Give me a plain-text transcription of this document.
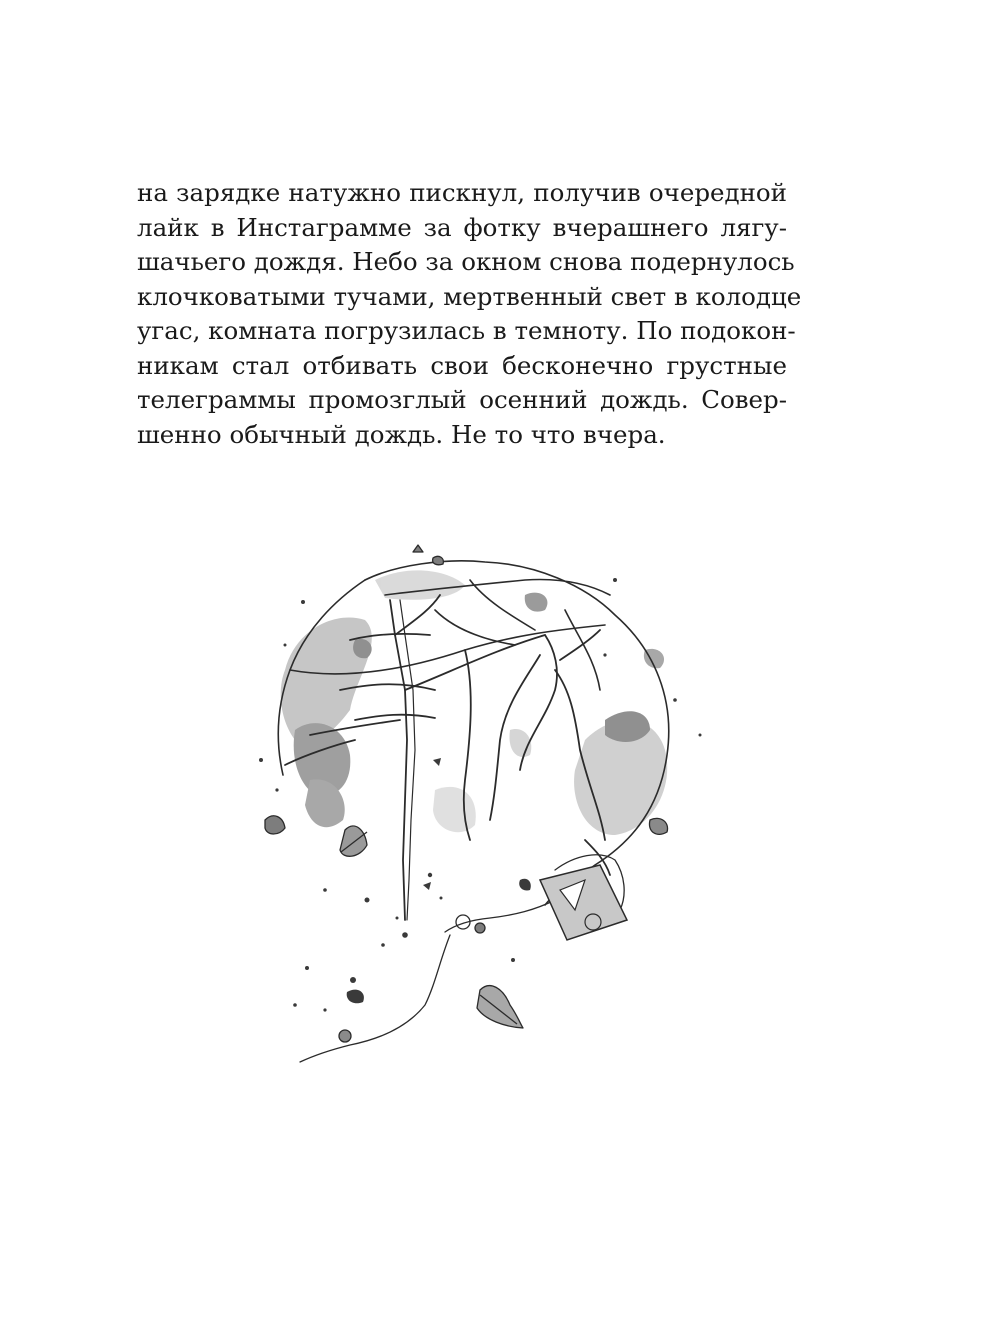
на зарядке натужно пискнул, получив очередной
лайк в Инстаграмме за фотку вчерашнего лягу-
шачьего дождя. Небо за окном снова подернулось
клочковатыми тучами, мертвенный свет в колодце
угас, комната погрузилась в темноту. По подокон-
никам стал отбивать свои бесконечно грустные
телеграммы промозглый осенний дождь. Совер-
шенно обычный дождь. Не то что вчера.
